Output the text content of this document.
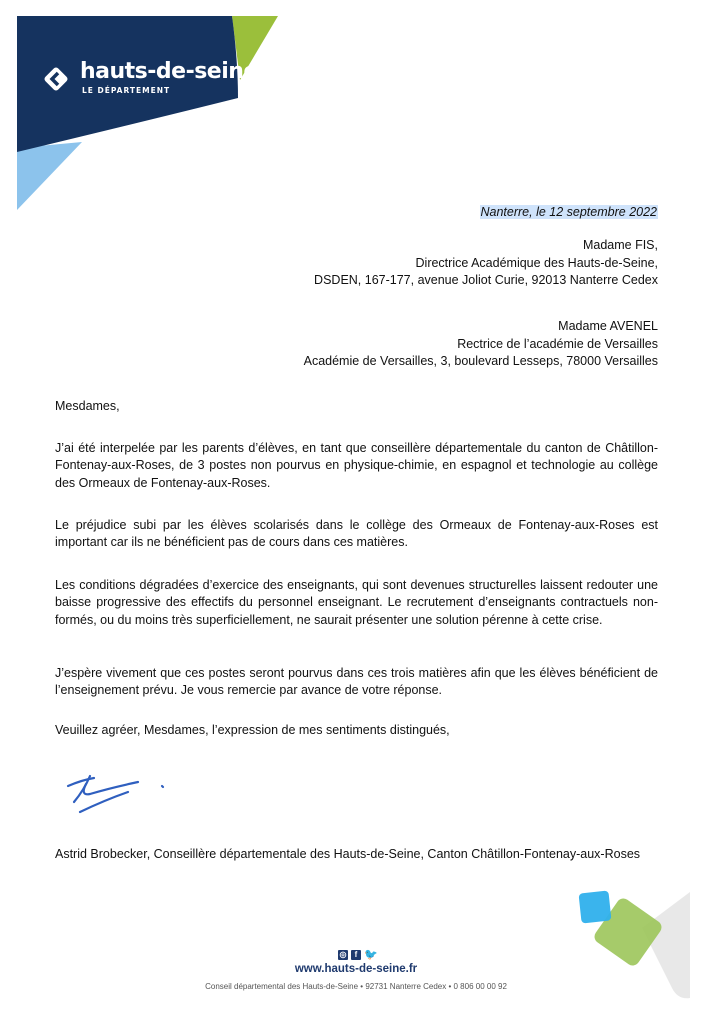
hauts-de-seine
LE DÉPARTEMENT
Nanterre, le 12 septembre 2022
Madame FIS,
Directrice Académique des Hauts-de-Seine,
DSDEN, 167-177, avenue Joliot Curie, 92013 Nanterre Cedex
Madame AVENEL
Rectrice de l’académie de Versailles
Académie de Versailles, 3, boulevard Lesseps, 78000 Versailles
Mesdames,
J’ai été interpelée par les parents d’élèves, en tant que conseillère départementale du canton de Châtillon-Fontenay-aux-Roses, de 3 postes non pourvus en physique-chimie, en espagnol et technologie au collège des Ormeaux de Fontenay-aux-Roses.
Le préjudice subi par les élèves scolarisés dans le collège des Ormeaux de Fontenay-aux-Roses est important car ils ne bénéficient pas de cours dans ces matières.
Les conditions dégradées d’exercice des enseignants, qui sont devenues structurelles laissent redouter une baisse progressive des effectifs du personnel enseignant. Le recrutement d’enseignants contractuels non-formés, ou du moins très superficiellement, ne saurait présenter une solution pérenne à cette crise.
J’espère vivement que ces postes seront pourvus dans ces trois matières afin que les élèves bénéficient de l’enseignement prévu. Je vous remercie par avance de votre réponse.
Veuillez agréer, Mesdames, l’expression de mes sentiments distingués,
Astrid Brobecker, Conseillère départementale des Hauts-de-Seine, Canton Châtillon-Fontenay-aux-Roses
◎	f 🐦
www.hauts-de-seine.fr
Conseil départemental des Hauts-de-Seine • 92731 Nanterre Cedex • 0 806 00 00 92
